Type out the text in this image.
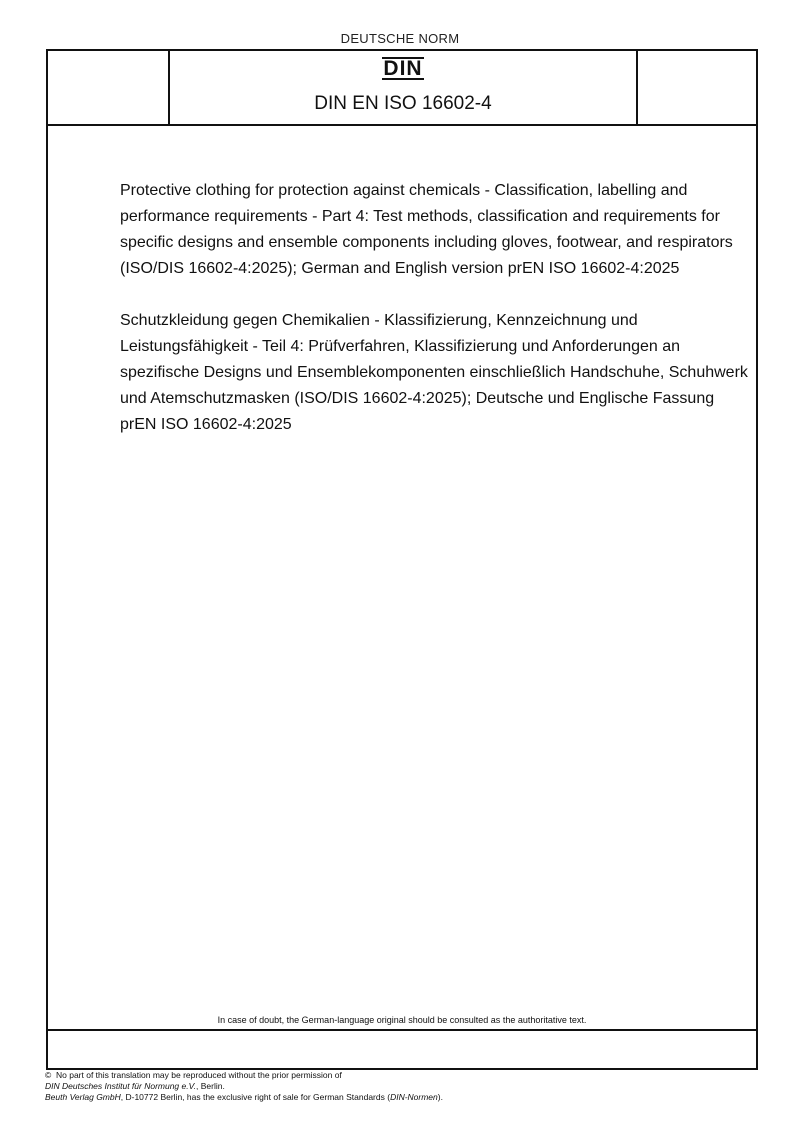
DEUTSCHE NORM
DIN
DIN EN ISO 16602-4

Protective clothing for protection against chemicals - Classification, labelling and performance requirements - Part 4: Test methods, classification and requirements for specific designs and ensemble components including gloves, footwear, and respirators (ISO/DIS 16602-4:2025); German and English version prEN ISO 16602-4:2025

Schutzkleidung gegen Chemikalien - Klassifizierung, Kennzeichnung und Leistungsfähigkeit - Teil 4: Prüfverfahren, Klassifizierung und Anforderungen an spezifische Designs und Ensemblekomponenten einschließlich Handschuhe, Schuhwerk und Atemschutzmasken (ISO/DIS 16602-4:2025); Deutsche und Englische Fassung prEN ISO 16602-4:2025

In case of doubt, the German-language original should be consulted as the authoritative text.
© No part of this translation may be reproduced without the prior permission of
DIN Deutsches Institut für Normung e.V., Berlin.
Beuth Verlag GmbH, D-10772 Berlin, has the exclusive right of sale for German Standards (DIN-Normen).
